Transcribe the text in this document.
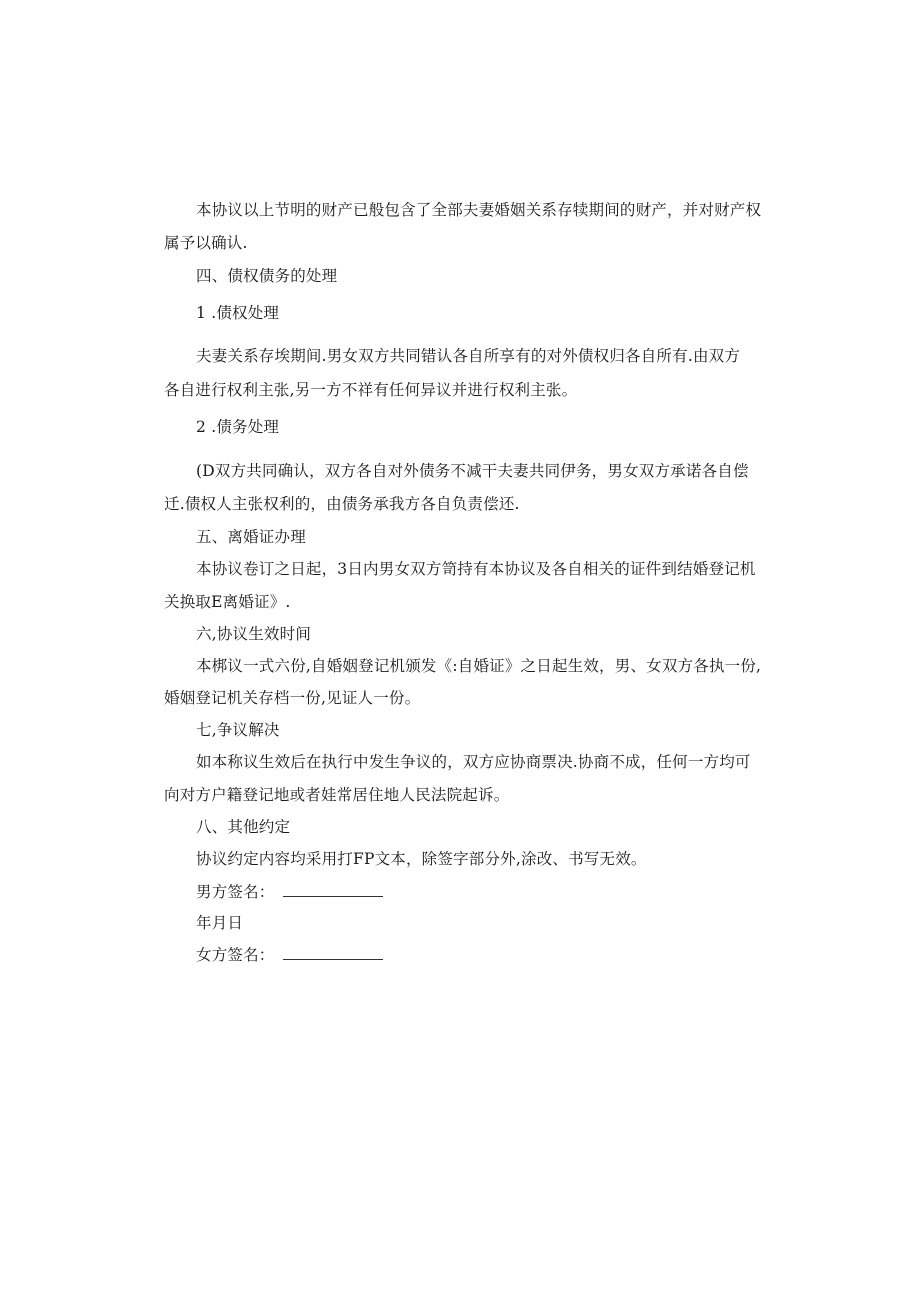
本协议以上节明的财产已般包含了全部夫妻婚姻关系存犊期间的财产，并对财产权
属予以确认.
四、债权债务的处理
1 .债权处理
夫妻关系存埃期间.男女双方共同错认各自所享有的对外债权归各自所有.由双方
各自进行权利主张,另一方不祥有任何异议并进行权利主张。
2 .债务处理
(D双方共同确认，双方各自对外债务不减干夫妻共同伊务，男女双方承诺各自偿
迁.债权人主张权利的，由债务承我方各自负责偿还.
五、离婚证办理
本协议卷订之日起，3日内男女双方笥持有本协议及各自相关的证件到结婚登记机
关换取E离婚证》.
六,协议生效时间
本梆议一式六份,自婚姻登记机颁发《:自婚证》之日起生效，男、女双方各执一份,
婚姻登记机关存档一份,见证人一份。
七,争议解决
如本称议生效后在执行中发生争议的，双方应协商票决.协商不成，任何一方均可
向对方户籍登记地或者娃常居住地人民法院起诉。
八、其他约定
协议约定内容均采用打FP文本，除签字部分外,涂改、书写无效。
男方签名：
年月日
女方签名：
